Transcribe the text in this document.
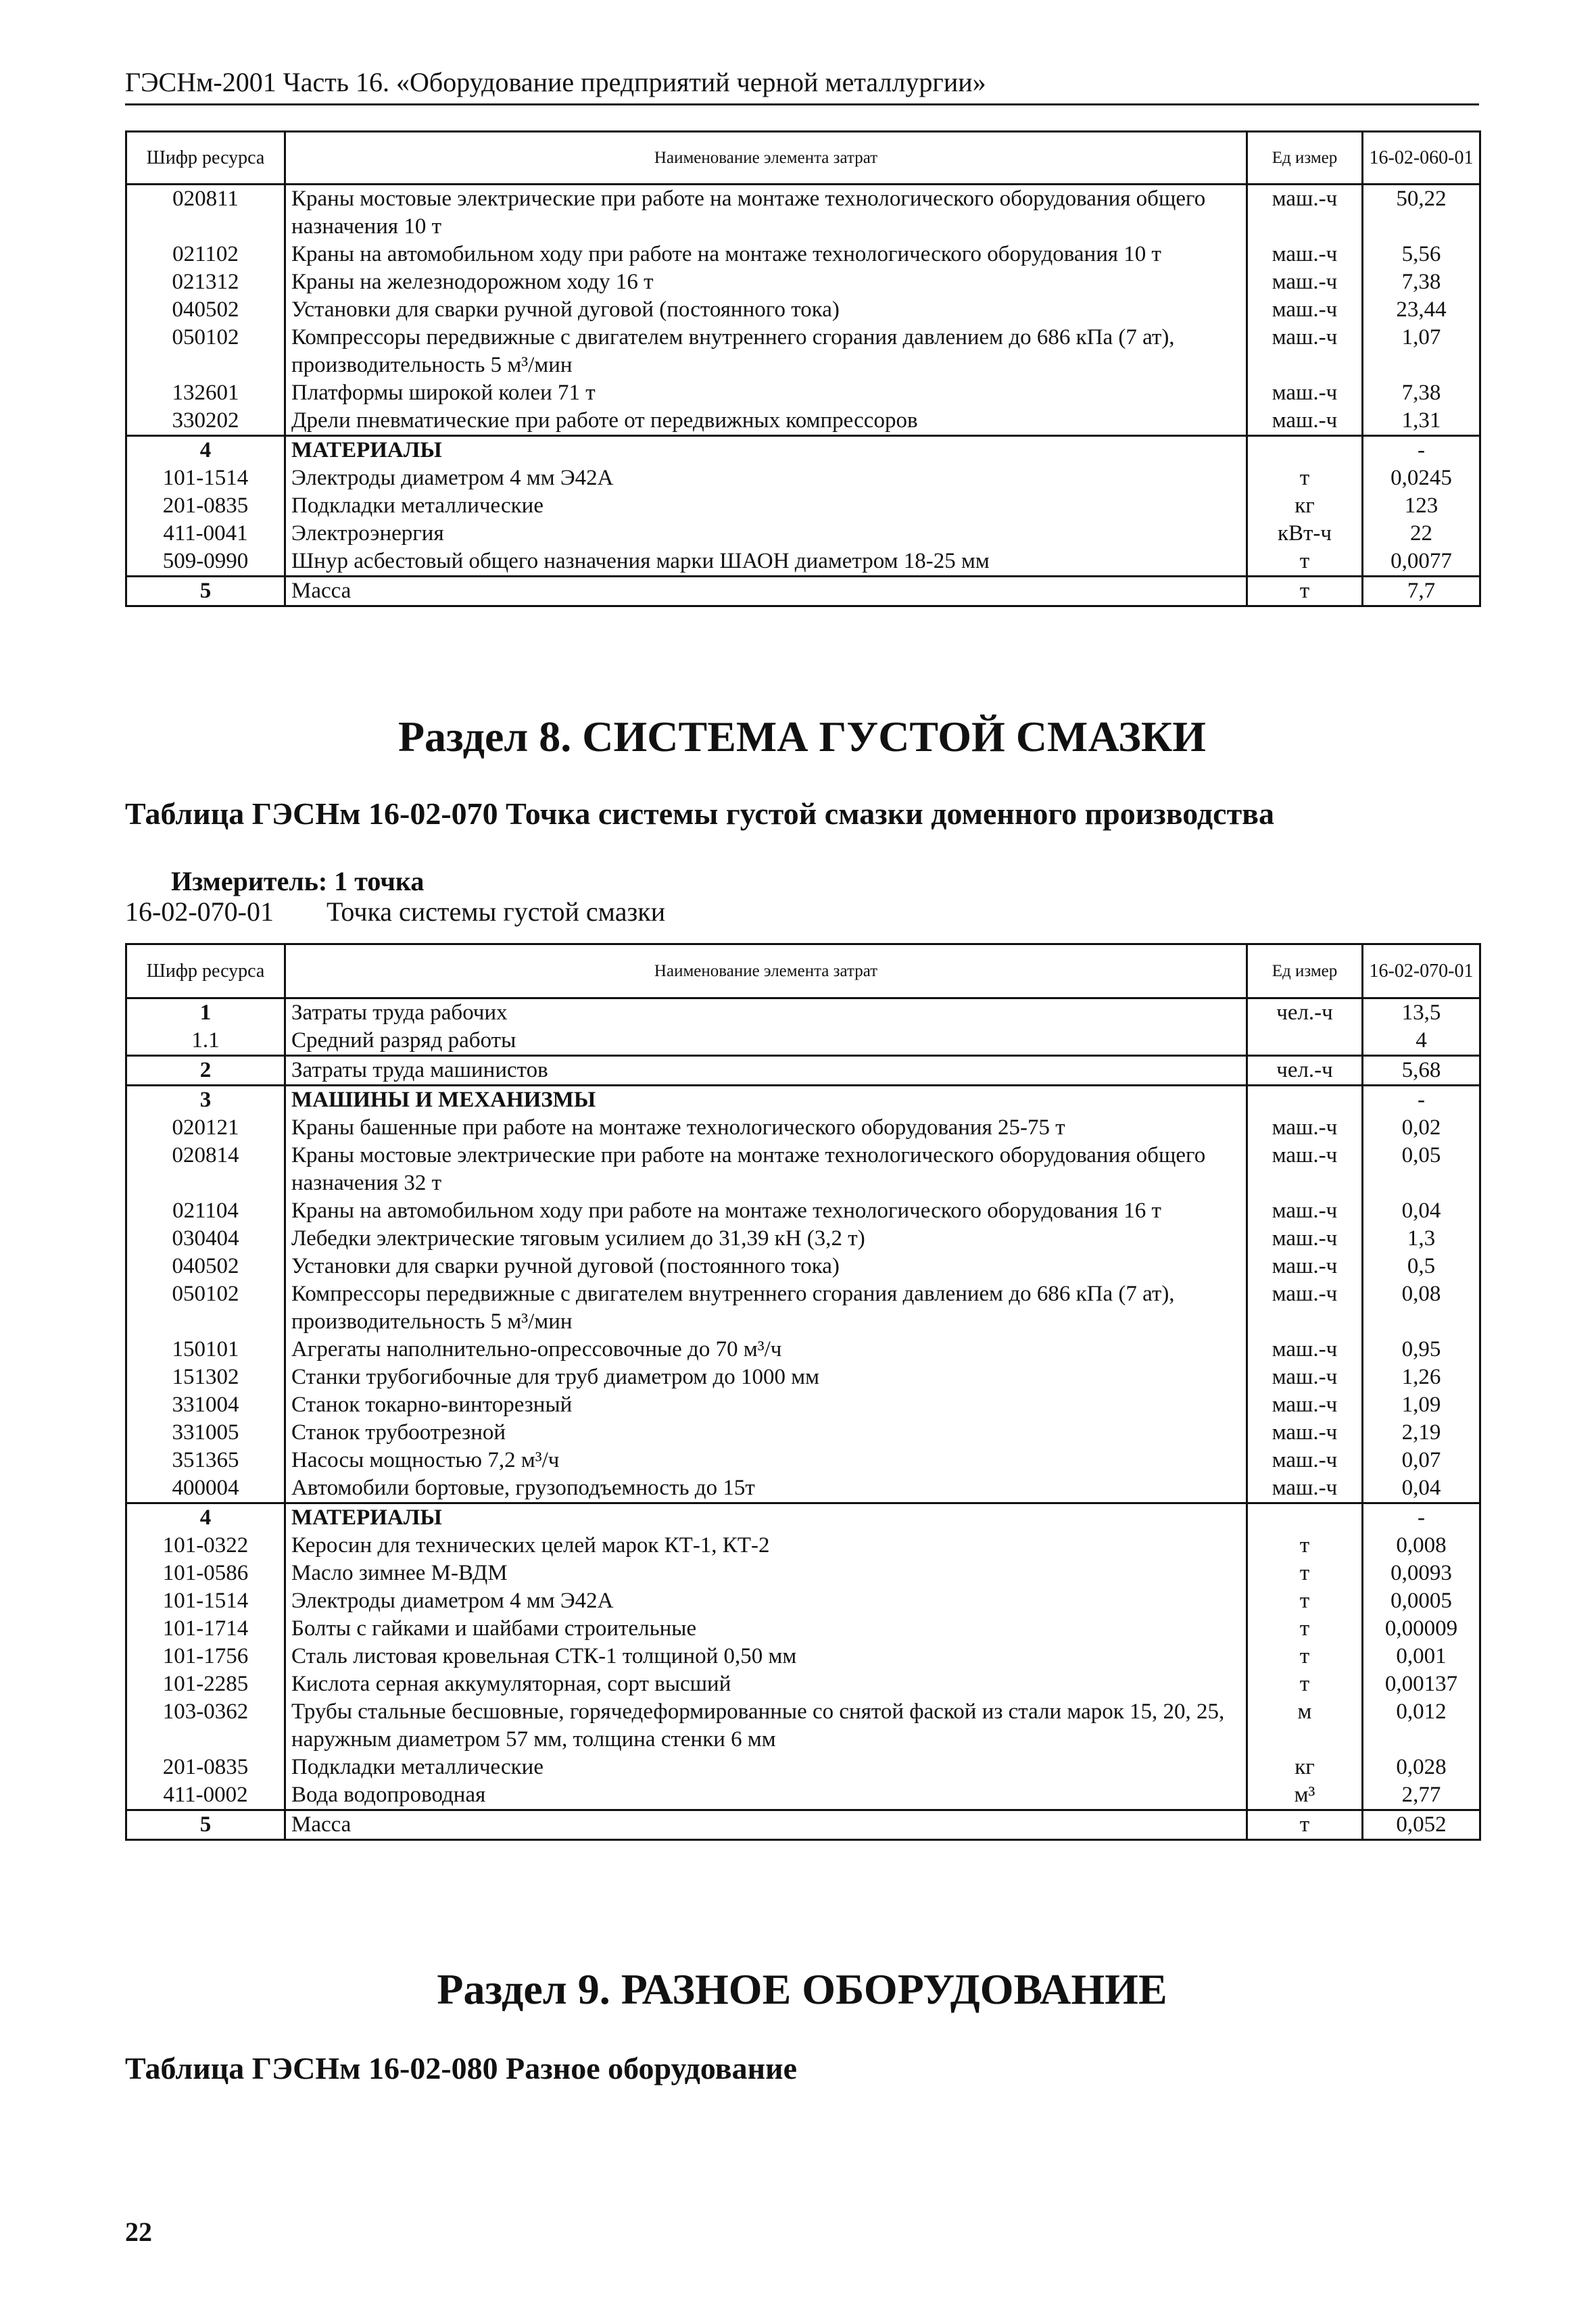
ГЭСНм-2001 Часть 16. «Оборудование предприятий черной металлургии»
Шифр ресурса	Наименование элемента затрат	Ед измер	16-02-060-01
020811	Краны мостовые электрические при работе на монтаже технологического оборудования общего назначения 10 т	маш.-ч	50,22
021102	Краны на автомобильном ходу при работе на монтаже технологического оборудования 10 т	маш.-ч	5,56
021312	Краны на железнодорожном ходу 16 т	маш.-ч	7,38
040502	Установки для сварки ручной дуговой (постоянного тока)	маш.-ч	23,44
050102	Компрессоры передвижные с двигателем внутреннего сгорания давлением до 686 кПа (7 ат), производительность 5 м³/мин	маш.-ч	1,07
132601	Платформы широкой колеи 71 т	маш.-ч	7,38
330202	Дрели пневматические при работе от передвижных компрессоров	маш.-ч	1,31
4	МАТЕРИАЛЫ		-
101-1514	Электроды диаметром 4 мм Э42А	т	0,0245
201-0835	Подкладки металлические	кг	123
411-0041	Электроэнергия	кВт-ч	22
509-0990	Шнур асбестовый общего назначения марки ШАОН диаметром 18-25 мм	т	0,0077
5	Масса	т	7,7
Раздел 8. СИСТЕМА ГУСТОЙ СМАЗКИ
Таблица ГЭСНм 16-02-070 Точка системы густой смазки доменного производства
Измеритель: 1 точка
16-02-070-01 Точка системы густой смазки
Шифр ресурса	Наименование элемента затрат	Ед измер	16-02-070-01
1	Затраты труда рабочих	чел.-ч	13,5
1.1	Средний разряд работы		4
2	Затраты труда машинистов	чел.-ч	5,68
3	МАШИНЫ И МЕХАНИЗМЫ		-
020121	Краны башенные при работе на монтаже технологического оборудования 25-75 т	маш.-ч	0,02
020814	Краны мостовые электрические при работе на монтаже технологического оборудования общего назначения 32 т	маш.-ч	0,05
021104	Краны на автомобильном ходу при работе на монтаже технологического оборудования 16 т	маш.-ч	0,04
030404	Лебедки электрические тяговым усилием до 31,39 кН (3,2 т)	маш.-ч	1,3
040502	Установки для сварки ручной дуговой (постоянного тока)	маш.-ч	0,5
050102	Компрессоры передвижные с двигателем внутреннего сгорания давлением до 686 кПа (7 ат), производительность 5 м³/мин	маш.-ч	0,08
150101	Агрегаты наполнительно-опрессовочные до 70 м³/ч	маш.-ч	0,95
151302	Станки трубогибочные для труб диаметром до 1000 мм	маш.-ч	1,26
331004	Станок токарно-винторезный	маш.-ч	1,09
331005	Станок трубоотрезной	маш.-ч	2,19
351365	Насосы мощностью 7,2 м³/ч	маш.-ч	0,07
400004	Автомобили бортовые, грузоподъемность до 15т	маш.-ч	0,04
4	МАТЕРИАЛЫ		-
101-0322	Керосин для технических целей марок КТ-1, КТ-2	т	0,008
101-0586	Масло зимнее М-ВДМ	т	0,0093
101-1514	Электроды диаметром 4 мм Э42А	т	0,0005
101-1714	Болты с гайками и шайбами строительные	т	0,00009
101-1756	Сталь листовая кровельная СТК-1 толщиной 0,50 мм	т	0,001
101-2285	Кислота серная аккумуляторная, сорт высший	т	0,00137
103-0362	Трубы стальные бесшовные, горячедеформированные со снятой фаской из стали марок 15, 20, 25, наружным диаметром 57 мм, толщина стенки 6 мм	м	0,012
201-0835	Подкладки металлические	кг	0,028
411-0002	Вода водопроводная	м³	2,77
5	Масса	т	0,052
Раздел 9. РАЗНОЕ ОБОРУДОВАНИЕ
Таблица ГЭСНм 16-02-080 Разное оборудование
22
